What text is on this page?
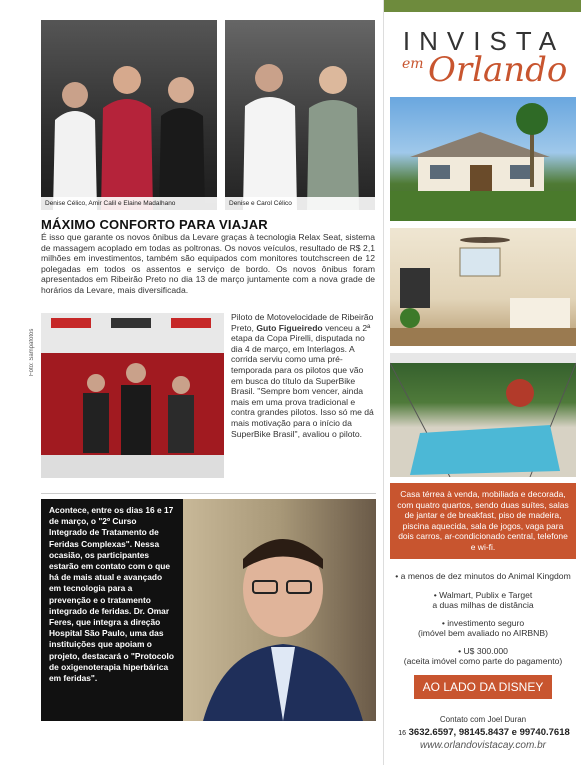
Denise Célico, Amir Calil e Elaine Madalhano	Denise e Carol Célico
MÁXIMO CONFORTO PARA VIAJAR
É isso que garante os novos ônibus da Levare graças à tecnologia Relax Seat, sistema de massagem acoplado em todas as poltronas. Os novos veículos, resultado de R$ 2,1 milhões em investimentos, também são equipados com monitores toutchscreen de 12 polegadas em todos os assentos e serviço de bordo. Os novos ônibus foram apresentados em Ribeirão Preto no dia 13 de março juntamente com a nova grade de horários da Levare, mais diversificada.
Foto: Sampafotos
Piloto de Motovelocidade de Ribeirão Preto, Guto Figueiredo venceu a 2ª etapa da Copa Pirelli, disputada no dia 4 de março, em Interlagos. A corrida serviu como uma pré-temporada para os pilotos que vão em busca do título da SuperBike Brasil. "Sempre bom vencer, ainda mais em uma prova tradicional e contra grandes pilotos. Isso só me dá mais motivação para o início da SuperBike Brasil", avaliou o piloto.
Acontece, entre os dias 16 e 17 de março, o "2º Curso Integrado de Tratamento de Feridas Complexas". Nessa ocasião, os participantes estarão em contato com o que há de mais atual e avançado em tecnologia para a prevenção e o tratamento integrado de feridas. Dr. Omar Feres, que integra a direção Hospital São Paulo, uma das instituições que apoiam o projeto, destacará o "Protocolo de oxigenoterapia hiperbárica em feridas".
INVISTA
em Orlando
Casa térrea à venda, mobiliada e decorada, com quatro quartos, sendo duas suítes, salas de jantar e de breakfast, piso de madeira, piscina aquecida, sala de jogos, vaga para dois carros, ar-condicionado central, telefone e wi-fi.
• a menos de dez minutos do Animal Kingdom
• Walmart, Publix e Target
a duas milhas de distância
• investimento seguro
(imóvel bem avaliado no AIRBNB)
• U$ 300.000
(aceita imóvel como parte do pagamento)
AO LADO DA DISNEY
Contato com Joel Duran
16 3632.6597, 98145.8437 e 99740.7618
www.orlandovistacay.com.br
